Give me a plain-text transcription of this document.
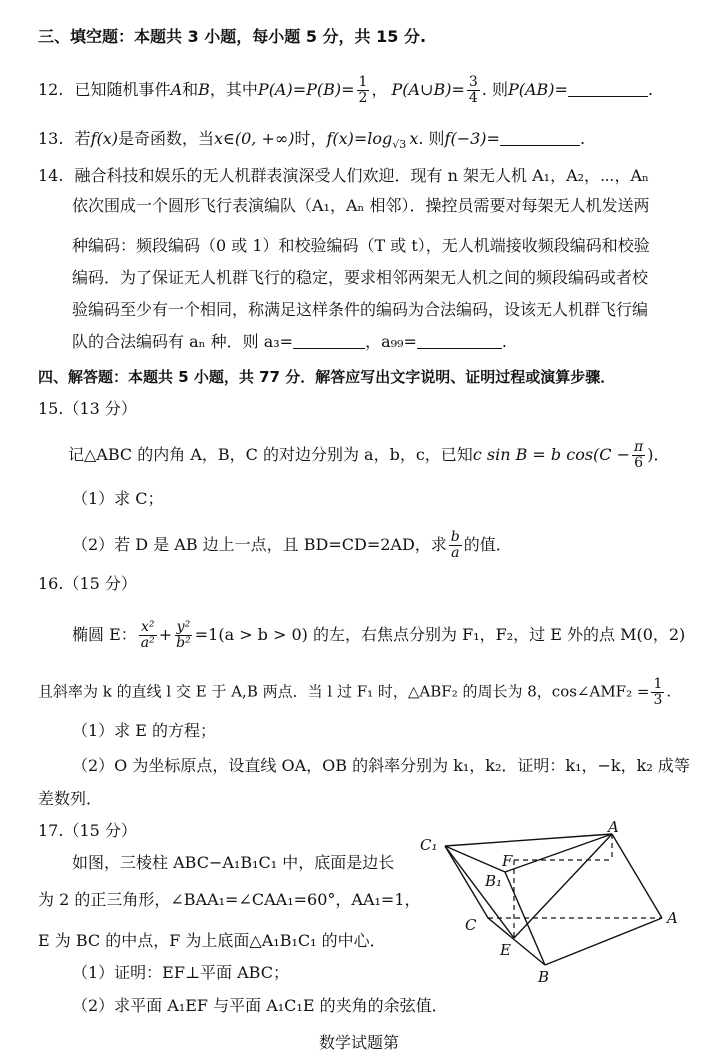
三、填空题：本题共 3 小题，每小题 5 分，共 15 分.
12. 已知随机事件A和B，其中$P(A)=P(B)= \frac{1}{2}$ ， P(A∪B)= $\frac{3}{4}$ . 则P(AB)=	.
13. 若f(x)是奇函数，当x∈(0, +∞)时，$f(x)=\log_{√3}$ x. 则f(−3)=	.
14. 融合科技和娱乐的无人机群表演深受人们欢迎．现有 n 架无人机 A₁，A₂，⋯，Aₙ
依次围成一个圆形飞行表演编队（A₁，Aₙ 相邻）．操控员需要对每架无人机发送两
种编码：频段编码（0 或 1）和校验编码（T 或 t），无人机端接收频段编码和校验
编码．为了保证无人机群飞行的稳定，要求相邻两架无人机之间的频段编码或者校
验编码至少有一个相同，称满足这样条件的编码为合法编码，设该无人机群飞行编
队的合法编码有 aₙ 种．则 a₃=	，a₉₉=	.
四、解答题：本题共 5 小题，共 77 分．解答应写出文字说明、证明过程或演算步骤．
15.（13 分）
记△ABC 的内角 A，B，C 的对边分别为 a，b，c，已知c sin B = b $\cos(C - \frac{\pi}{6}$ )．
（1）求 C；
（2）若 D 是 AB 边上一点，且 BD=CD=2AD，求 $\frac{b}{a}$ 的值．
16.（15 分）
椭圆 E： $\frac{\text{x²}}{\text{a²}} + \frac{\text{y²}}{\text{b²}} =1(a > b > 0)$ 的左，右焦点分别为 F₁，F₂，过 E 外的点 M(0，2)
且斜率为 k 的直线 l 交 E 于 A,B 两点．当 l 过 F₁ 时，△ABF₂ 的周长为 8，cos∠AMF₂ = $\frac{1}{3}$ .
（1）求 E 的方程；
（2）O 为坐标原点，设直线 OA，OB 的斜率分别为 k₁，k₂．证明：k₁，−k，k₂ 成等
差数列．
17.（15 分）
如图，三棱柱 ABC−A₁B₁C₁ 中，底面是边长
为 2 的正三角形，∠BAA₁=∠CAA₁=60°，AA₁=1，
E 为 BC 的中点，F 为上底面△A₁B₁C₁ 的中心．
（1）证明：EF⊥平面 ABC；
（2）求平面 A₁EF 与平面 A₁C₁E 的夹角的余弦值．
C₁
A
F
B₁
C
E
B
A
数学试题第
